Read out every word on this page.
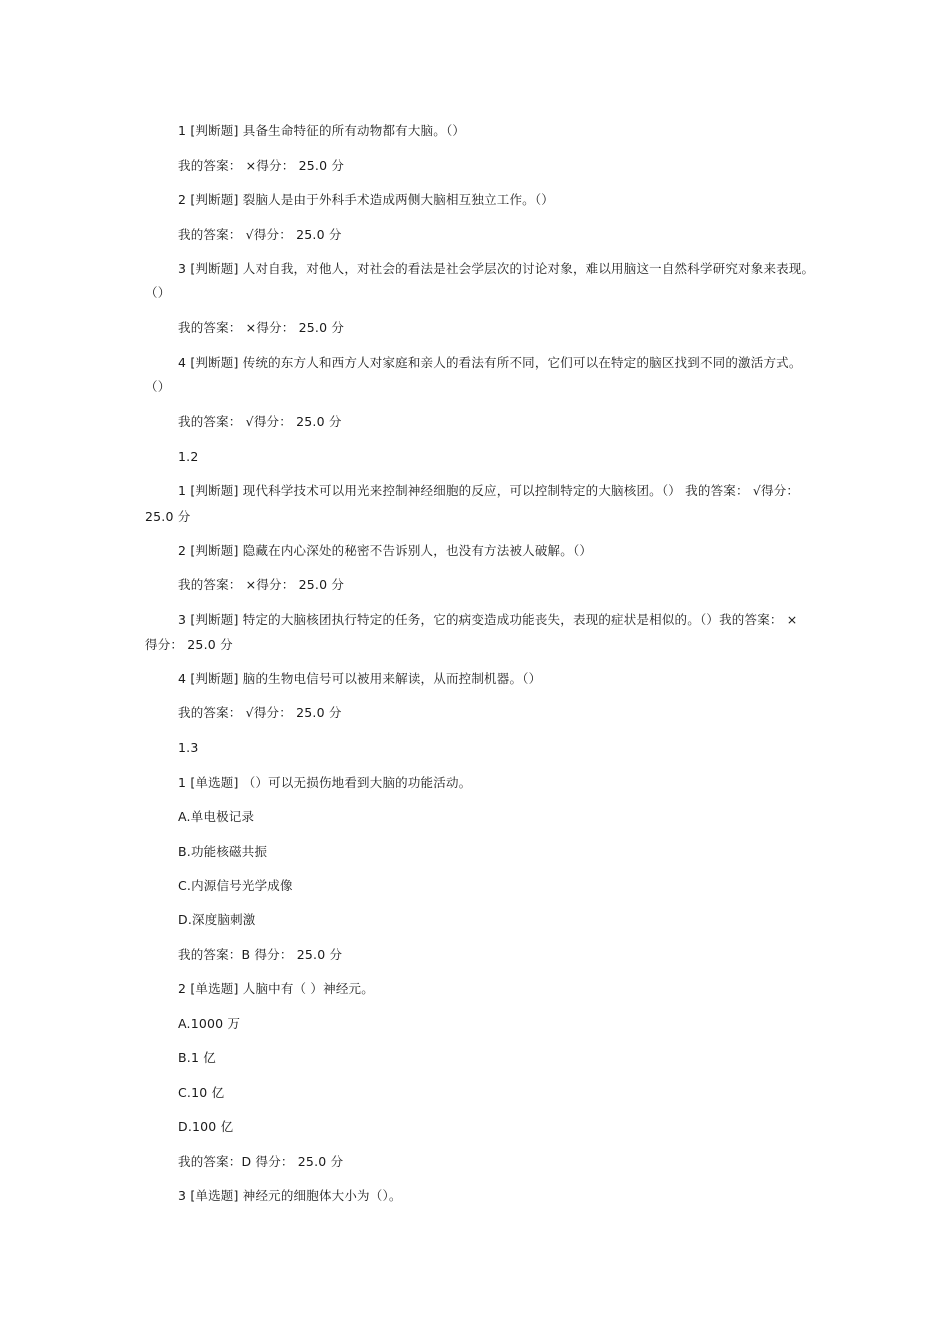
1 [判断题] 具备生命特征的所有动物都有大脑。（）
我的答案： ×得分： 25.0 分
2 [判断题] 裂脑人是由于外科手术造成两侧大脑相互独立工作。（）
我的答案： √得分： 25.0 分
3 [判断题] 人对自我，对他人，对社会的看法是社会学层次的讨论对象，难以用脑这一自然科学研究对象来表现。
（）
我的答案： ×得分： 25.0 分
4 [判断题] 传统的东方人和西方人对家庭和亲人的看法有所不同，它们可以在特定的脑区找到不同的激活方式。
（）
我的答案： √得分： 25.0 分
1.2
1 [判断题] 现代科学技术可以用光来控制神经细胞的反应，可以控制特定的大脑核团。（） 我的答案： √得分：
25.0 分
2 [判断题] 隐藏在内心深处的秘密不告诉别人，也没有方法被人破解。（）
我的答案： ×得分： 25.0 分
3 [判断题] 特定的大脑核团执行特定的任务，它的病变造成功能丧失，表现的症状是相似的。（）我的答案： ×
得分： 25.0 分
4 [判断题] 脑的生物电信号可以被用来解读，从而控制机器。（）
我的答案： √得分： 25.0 分
1.3
1 [单选题] （）可以无损伤地看到大脑的功能活动。
A.单电极记录
B.功能核磁共振
C.内源信号光学成像
D.深度脑刺激
我的答案：B 得分： 25.0 分
2 [单选题] 人脑中有（ ）神经元。
A.1000 万
B.1 亿
C.10 亿
D.100 亿
我的答案：D 得分： 25.0 分
3 [单选题] 神经元的细胞体大小为（）。
